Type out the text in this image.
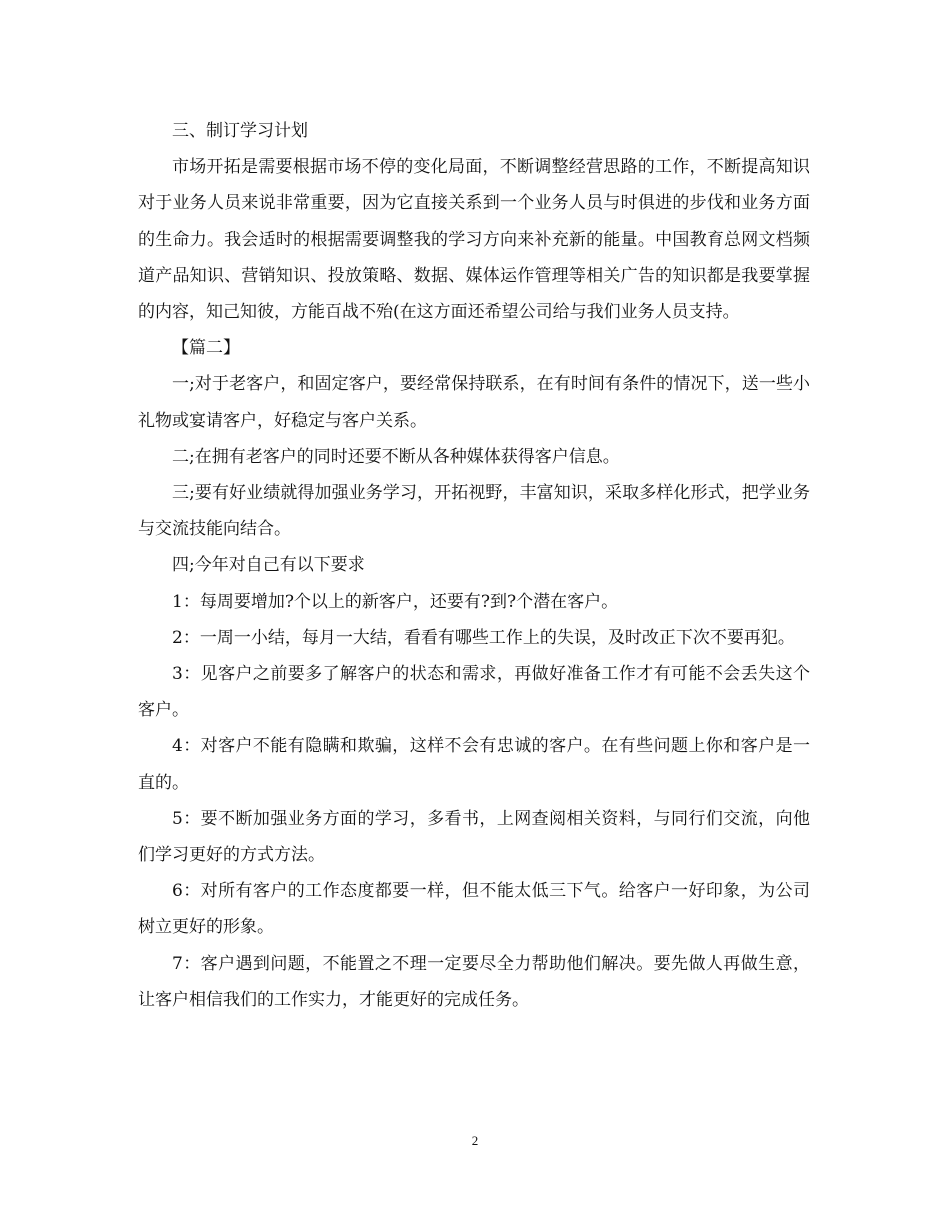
三、制订学习计划

市场开拓是需要根据市场不停的变化局面，不断调整经营思路的工作，不断提高知识对于业务人员来说非常重要，因为它直接关系到一个业务人员与时俱进的步伐和业务方面的生命力。我会适时的根据需要调整我的学习方向来补充新的能量。中国教育总网文档频道产品知识、营销知识、投放策略、数据、媒体运作管理等相关广告的知识都是我要掌握的内容，知己知彼，方能百战不殆(在这方面还希望公司给与我们业务人员支持。

【篇二】

一;对于老客户，和固定客户，要经常保持联系，在有时间有条件的情况下，送一些小礼物或宴请客户，好稳定与客户关系。

二;在拥有老客户的同时还要不断从各种媒体获得客户信息。

三;要有好业绩就得加强业务学习，开拓视野，丰富知识，采取多样化形式，把学业务与交流技能向结合。

四;今年对自己有以下要求

1：每周要增加?个以上的新客户，还要有?到?个潜在客户。

2：一周一小结，每月一大结，看看有哪些工作上的失误，及时改正下次不要再犯。

3：见客户之前要多了解客户的状态和需求，再做好准备工作才有可能不会丢失这个客户。

4：对客户不能有隐瞒和欺骗，这样不会有忠诚的客户。在有些问题上你和客户是一直的。

5：要不断加强业务方面的学习，多看书，上网查阅相关资料，与同行们交流，向他们学习更好的方式方法。

6：对所有客户的工作态度都要一样，但不能太低三下气。给客户一好印象，为公司树立更好的形象。

7：客户遇到问题，不能置之不理一定要尽全力帮助他们解决。要先做人再做生意，让客户相信我们的工作实力，才能更好的完成任务。

2
